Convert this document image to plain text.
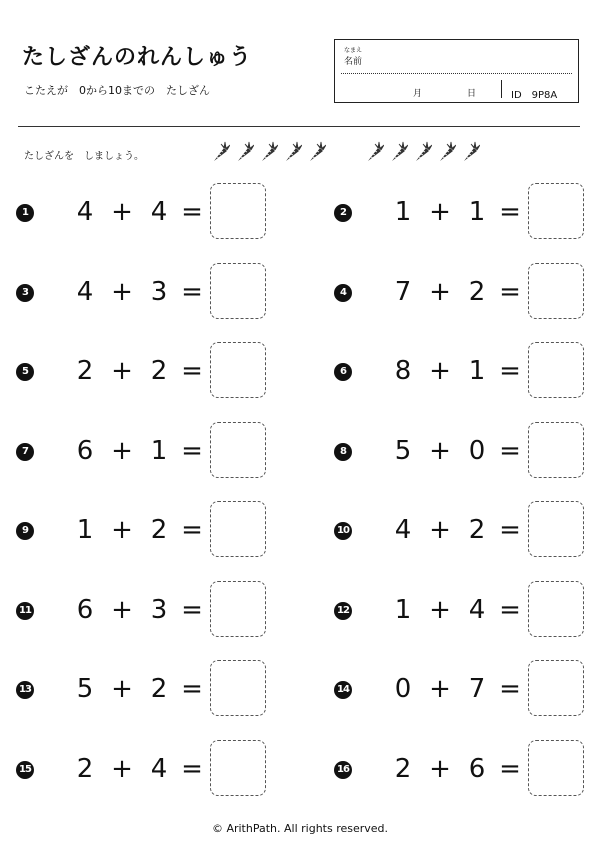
たしざんのれんしゅう
こたえが　0から10までの　たしざん
なまえ
名前
月	日	ID　9P8A
たしざんを　しましょう。
1 4 + 4 =	2 1 + 1 =
3 4 + 3 =	4 7 + 2 =
5 2 + 2 =	6 8 + 1 =
7 6 + 1 =	8 5 + 0 =
9 1 + 2 =	10 4 + 2 =
11 6 + 3 =	12 1 + 4 =
13 5 + 2 =	14 0 + 7 =
15 2 + 4 =	16 2 + 6 =
© ArithPath. All rights reserved.
